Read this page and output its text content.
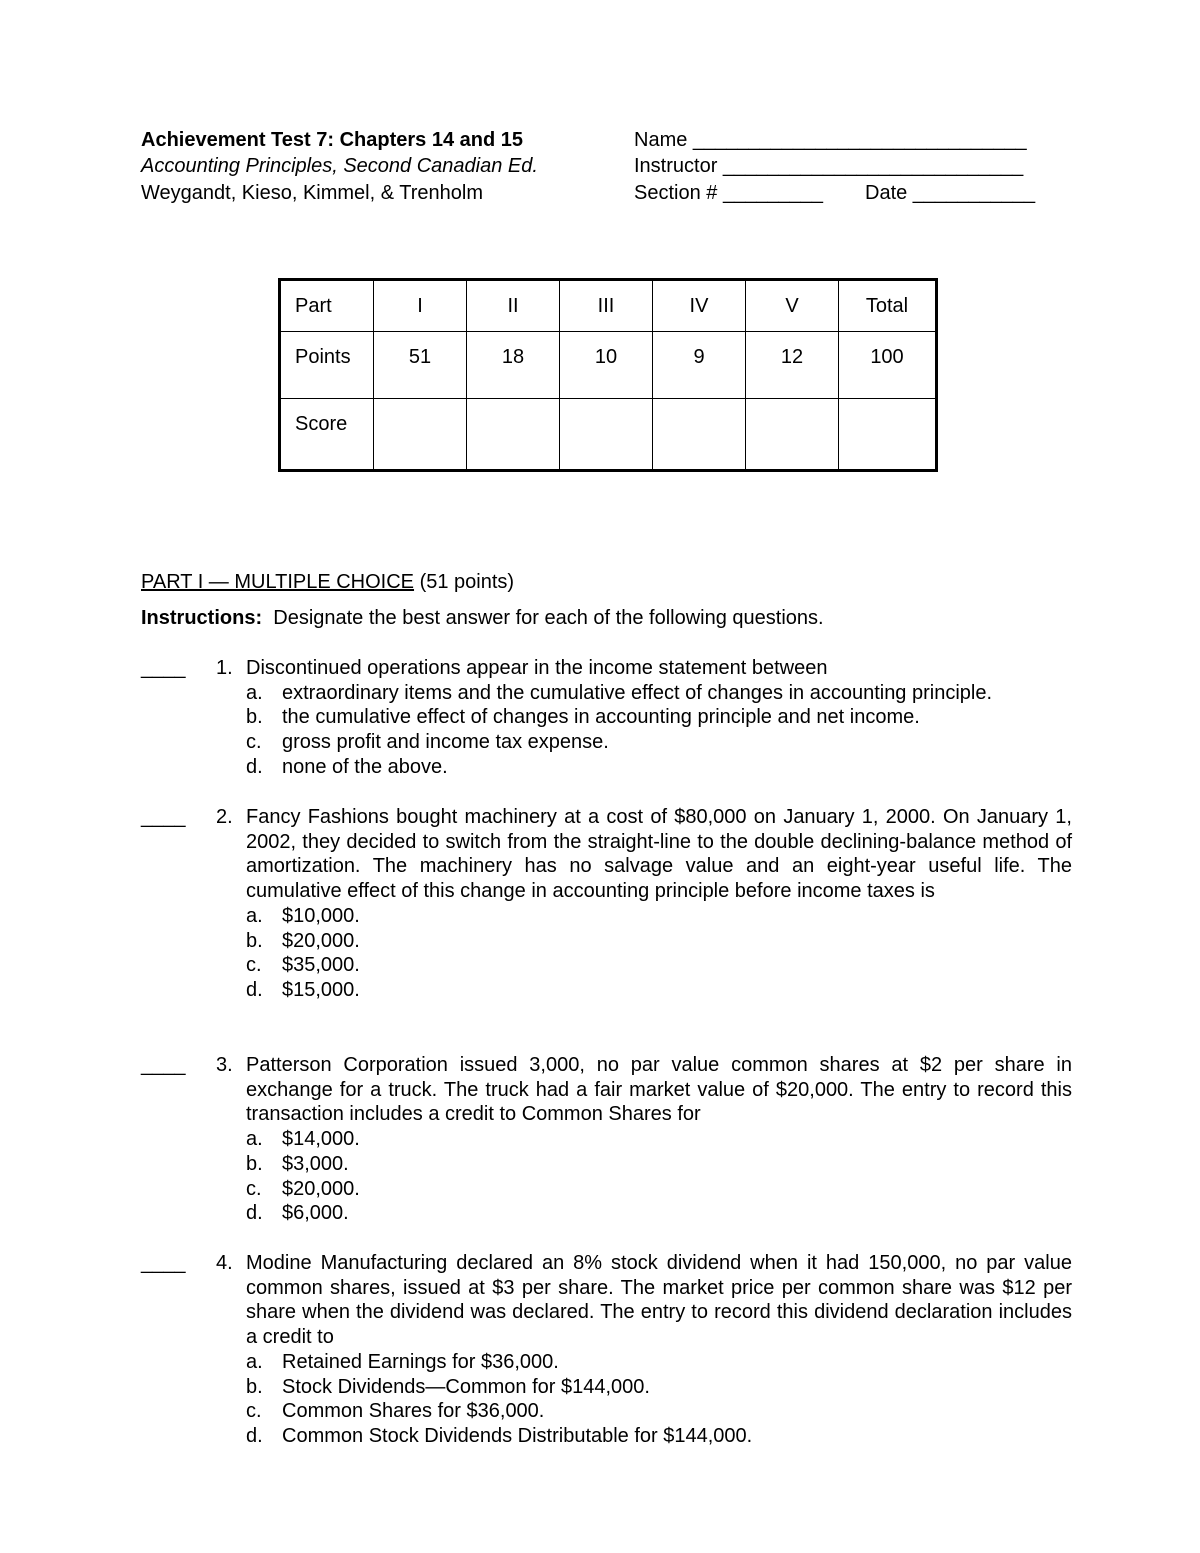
Achievement Test 7: Chapters 14 and 15
Accounting Principles, Second Canadian Ed.
Weygandt, Kieso, Kimmel, & Trenholm
Name ______________________________
Instructor ___________________________
Section # _________ Date ___________
Part	I	II	III	IV	V	Total
Points	51	18	10	9	12	100
Score						
PART I — MULTIPLE CHOICE (51 points)
Instructions: Designate the best answer for each of the following questions.
____ 1. Discontinued operations appear in the income statement between
a. extraordinary items and the cumulative effect of changes in accounting principle.
b. the cumulative effect of changes in accounting principle and net income.
c. gross profit and income tax expense.
d. none of the above.
____ 2. Fancy Fashions bought machinery at a cost of $80,000 on January 1, 2000. On January 1, 2002, they decided to switch from the straight-line to the double declining-balance method of amortization. The machinery has no salvage value and an eight-year useful life. The cumulative effect of this change in accounting principle before income taxes is
a. $10,000.
b. $20,000.
c. $35,000.
d. $15,000.
____ 3. Patterson Corporation issued 3,000, no par value common shares at $2 per share in exchange for a truck. The truck had a fair market value of $20,000. The entry to record this transaction includes a credit to Common Shares for
a. $14,000.
b. $3,000.
c. $20,000.
d. $6,000.
____ 4. Modine Manufacturing declared an 8% stock dividend when it had 150,000, no par value common shares, issued at $3 per share. The market price per common share was $12 per share when the dividend was declared. The entry to record this dividend declaration includes a credit to
a. Retained Earnings for $36,000.
b. Stock Dividends—Common for $144,000.
c. Common Shares for $36,000.
d. Common Stock Dividends Distributable for $144,000.
